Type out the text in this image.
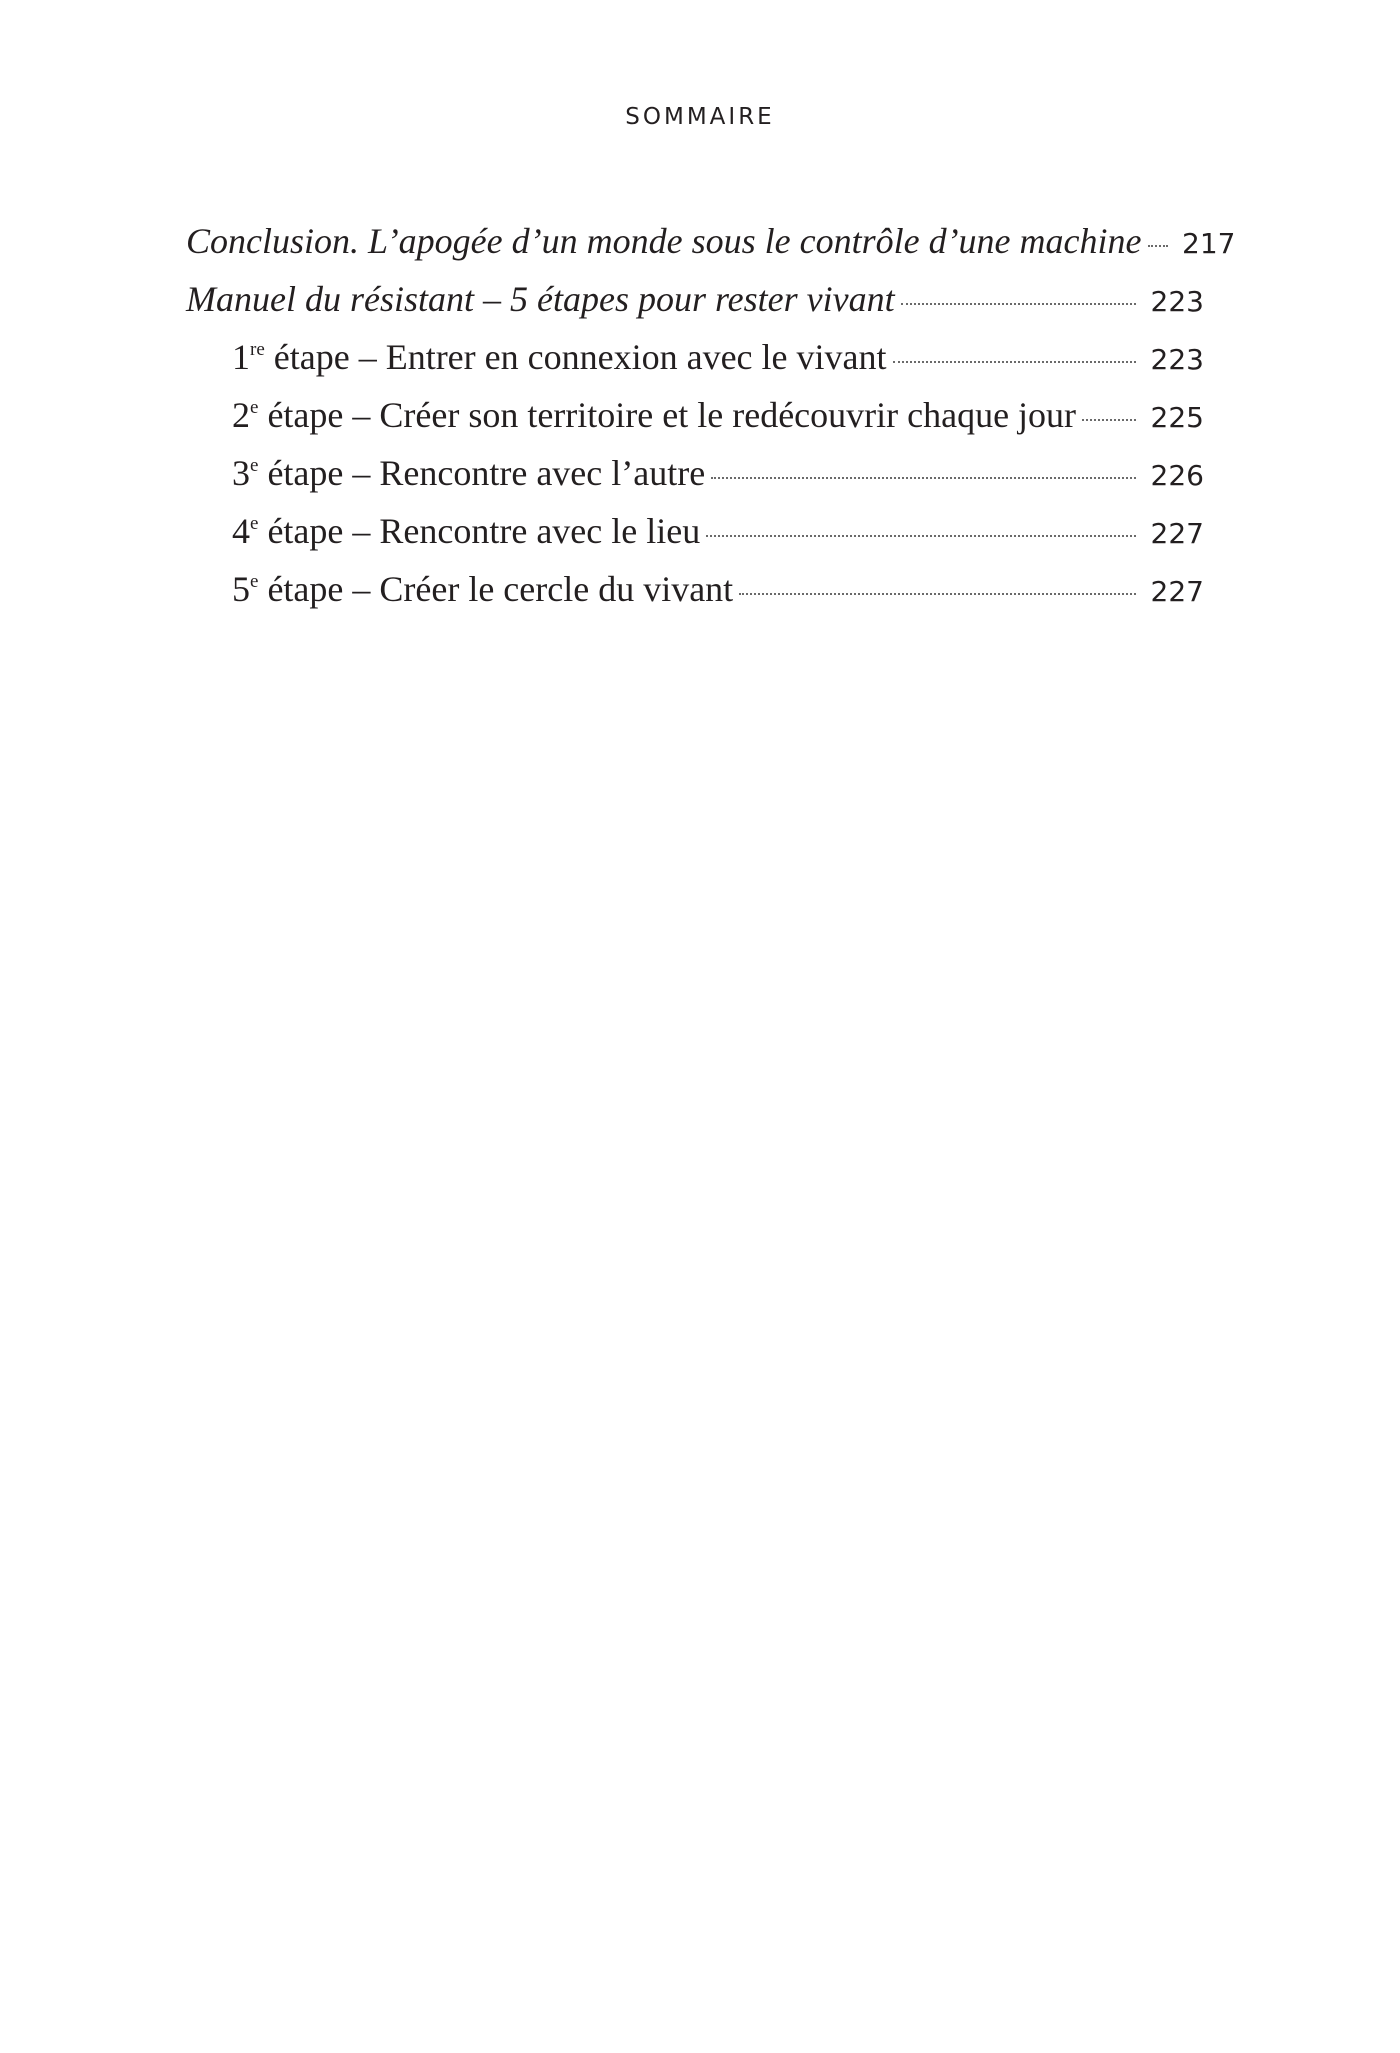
SOMMAIRE
Conclusion. L’apogée d’un monde sous le contrôle d’une machine 217
Manuel du résistant – 5 étapes pour rester vivant	223
1re étape – Entrer en connexion avec le vivant	223
2e étape – Créer son territoire et le redécouvrir chaque jour	225
3e étape – Rencontre avec l’autre	226
4e étape – Rencontre avec le lieu	227
5e étape – Créer le cercle du vivant	227
